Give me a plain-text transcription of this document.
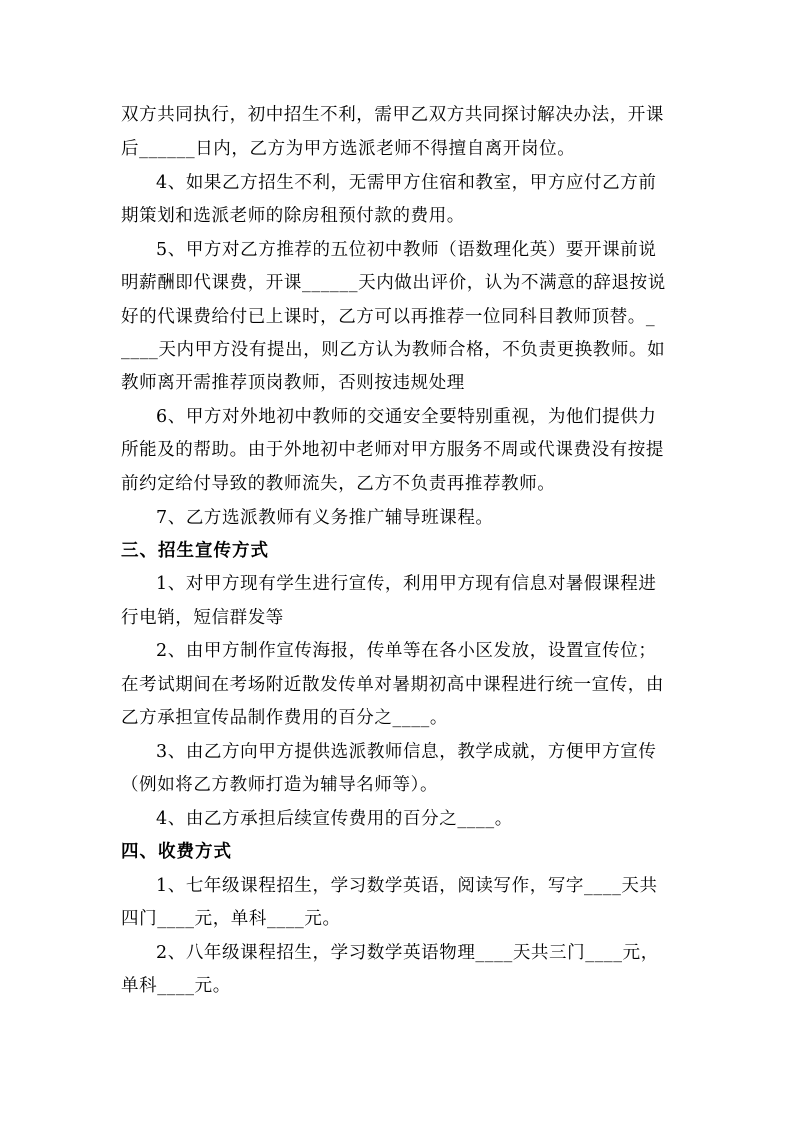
双方共同执行，初中招生不利，需甲乙双方共同探讨解决办法，开课
后______日内，乙方为甲方选派老师不得擅自离开岗位。
4、如果乙方招生不利，无需甲方住宿和教室，甲方应付乙方前
期策划和选派老师的除房租预付款的费用。
5、甲方对乙方推荐的五位初中教师（语数理化英）要开课前说
明薪酬即代课费，开课______天内做出评价，认为不满意的辞退按说
好的代课费给付已上课时，乙方可以再推荐一位同科目教师顶替。_
____天内甲方没有提出，则乙方认为教师合格，不负责更换教师。如
教师离开需推荐顶岗教师，否则按违规处理
6、甲方对外地初中教师的交通安全要特别重视，为他们提供力
所能及的帮助。由于外地初中老师对甲方服务不周或代课费没有按提
前约定给付导致的教师流失，乙方不负责再推荐教师。
7、乙方选派教师有义务推广辅导班课程。
三、招生宣传方式
1、对甲方现有学生进行宣传，利用甲方现有信息对暑假课程进
行电销，短信群发等
2、由甲方制作宣传海报，传单等在各小区发放，设置宣传位；
在考试期间在考场附近散发传单对暑期初高中课程进行统一宣传，由
乙方承担宣传品制作费用的百分之____。
3、由乙方向甲方提供选派教师信息，教学成就，方便甲方宣传
（例如将乙方教师打造为辅导名师等）。
4、由乙方承担后续宣传费用的百分之____。
四、收费方式
1、七年级课程招生，学习数学英语，阅读写作，写字____天共
四门____元，单科____元。
2、八年级课程招生，学习数学英语物理____天共三门____元，
单科____元。
